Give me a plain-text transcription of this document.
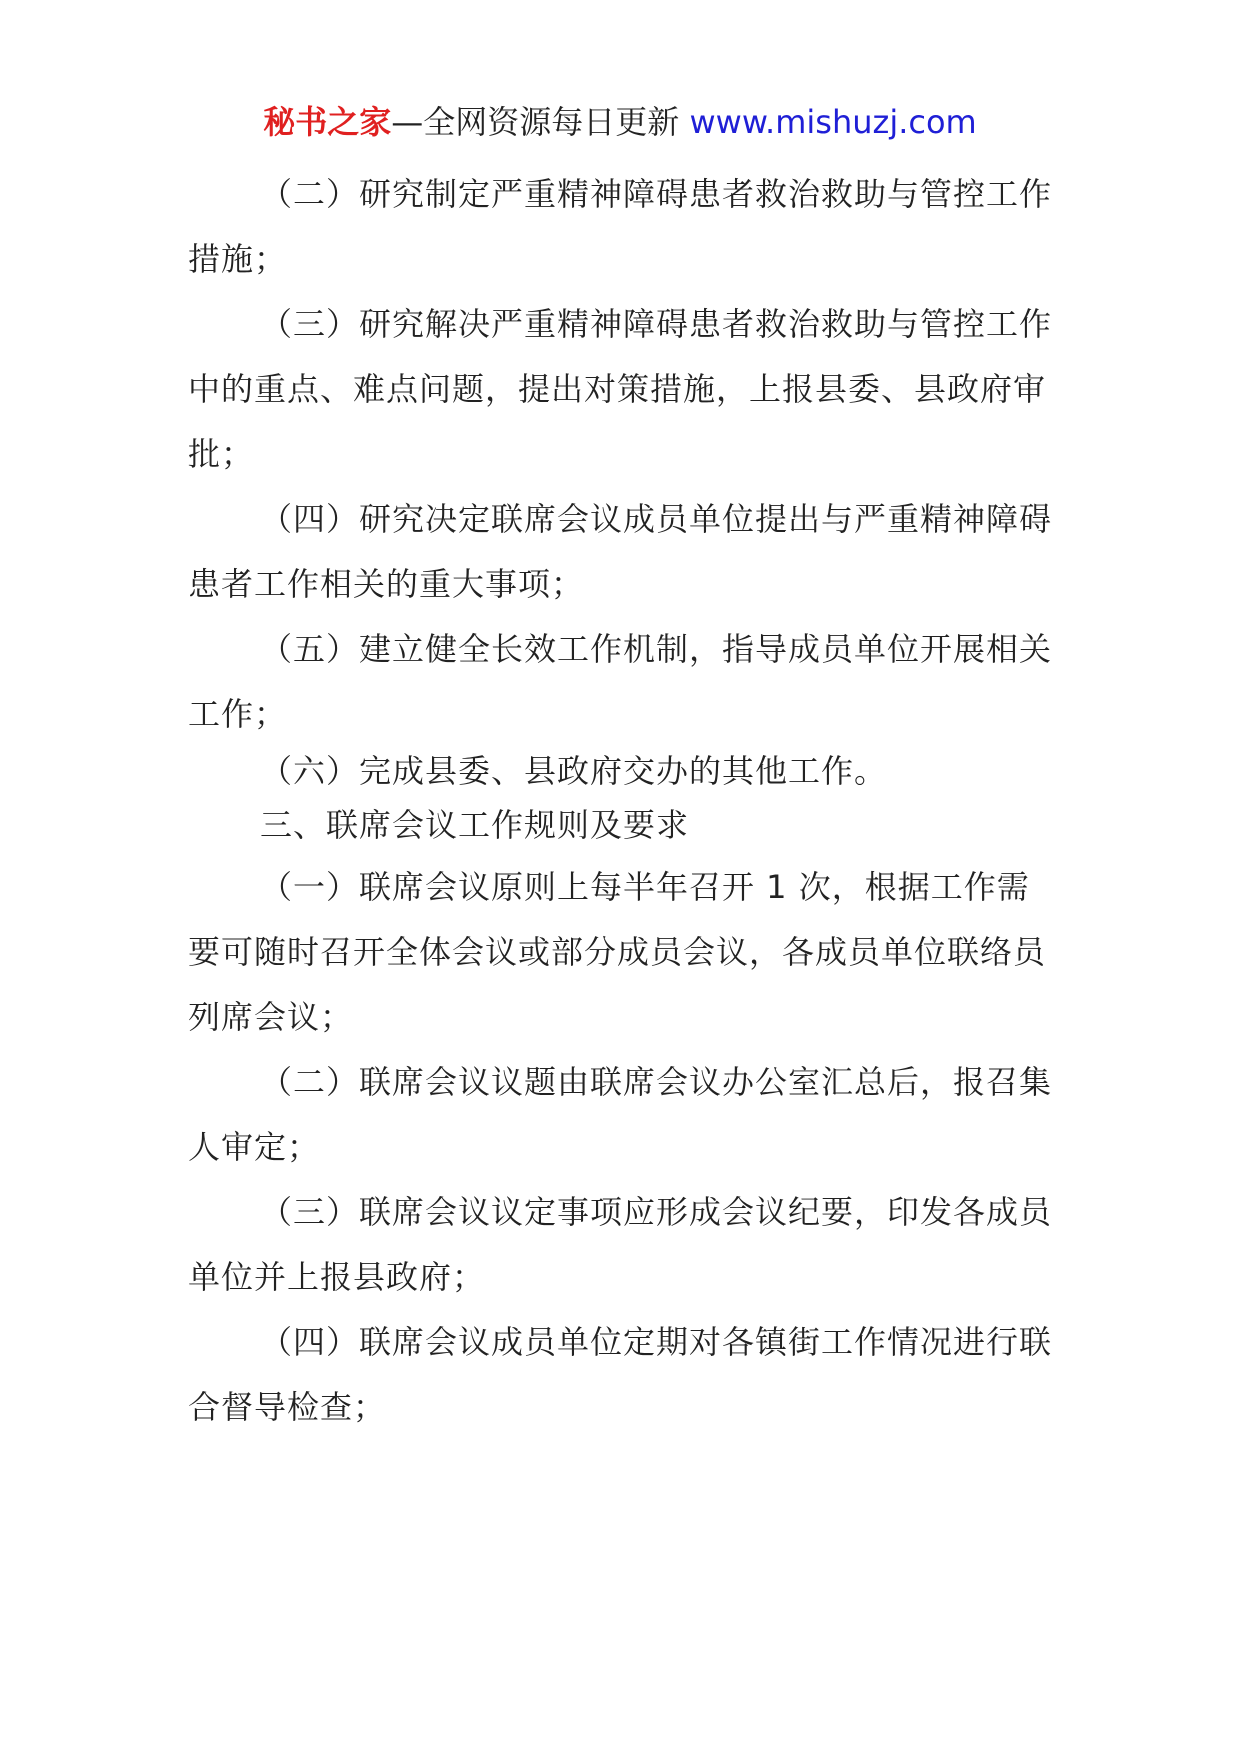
秘书之家—全网资源每日更新 www.mishuzj.com

（二）研究制定严重精神障碍患者救治救助与管控工作措施；

（三）研究解决严重精神障碍患者救治救助与管控工作中的重点、难点问题，提出对策措施，上报县委、县政府审批；

（四）研究决定联席会议成员单位提出与严重精神障碍患者工作相关的重大事项；

（五）建立健全长效工作机制，指导成员单位开展相关工作；

（六）完成县委、县政府交办的其他工作。

三、联席会议工作规则及要求

（一）联席会议原则上每半年召开 1 次，根据工作需要可随时召开全体会议或部分成员会议，各成员单位联络员列席会议；

（二）联席会议议题由联席会议办公室汇总后，报召集人审定；

（三）联席会议议定事项应形成会议纪要，印发各成员单位并上报县政府；

（四）联席会议成员单位定期对各镇街工作情况进行联合督导检查；
